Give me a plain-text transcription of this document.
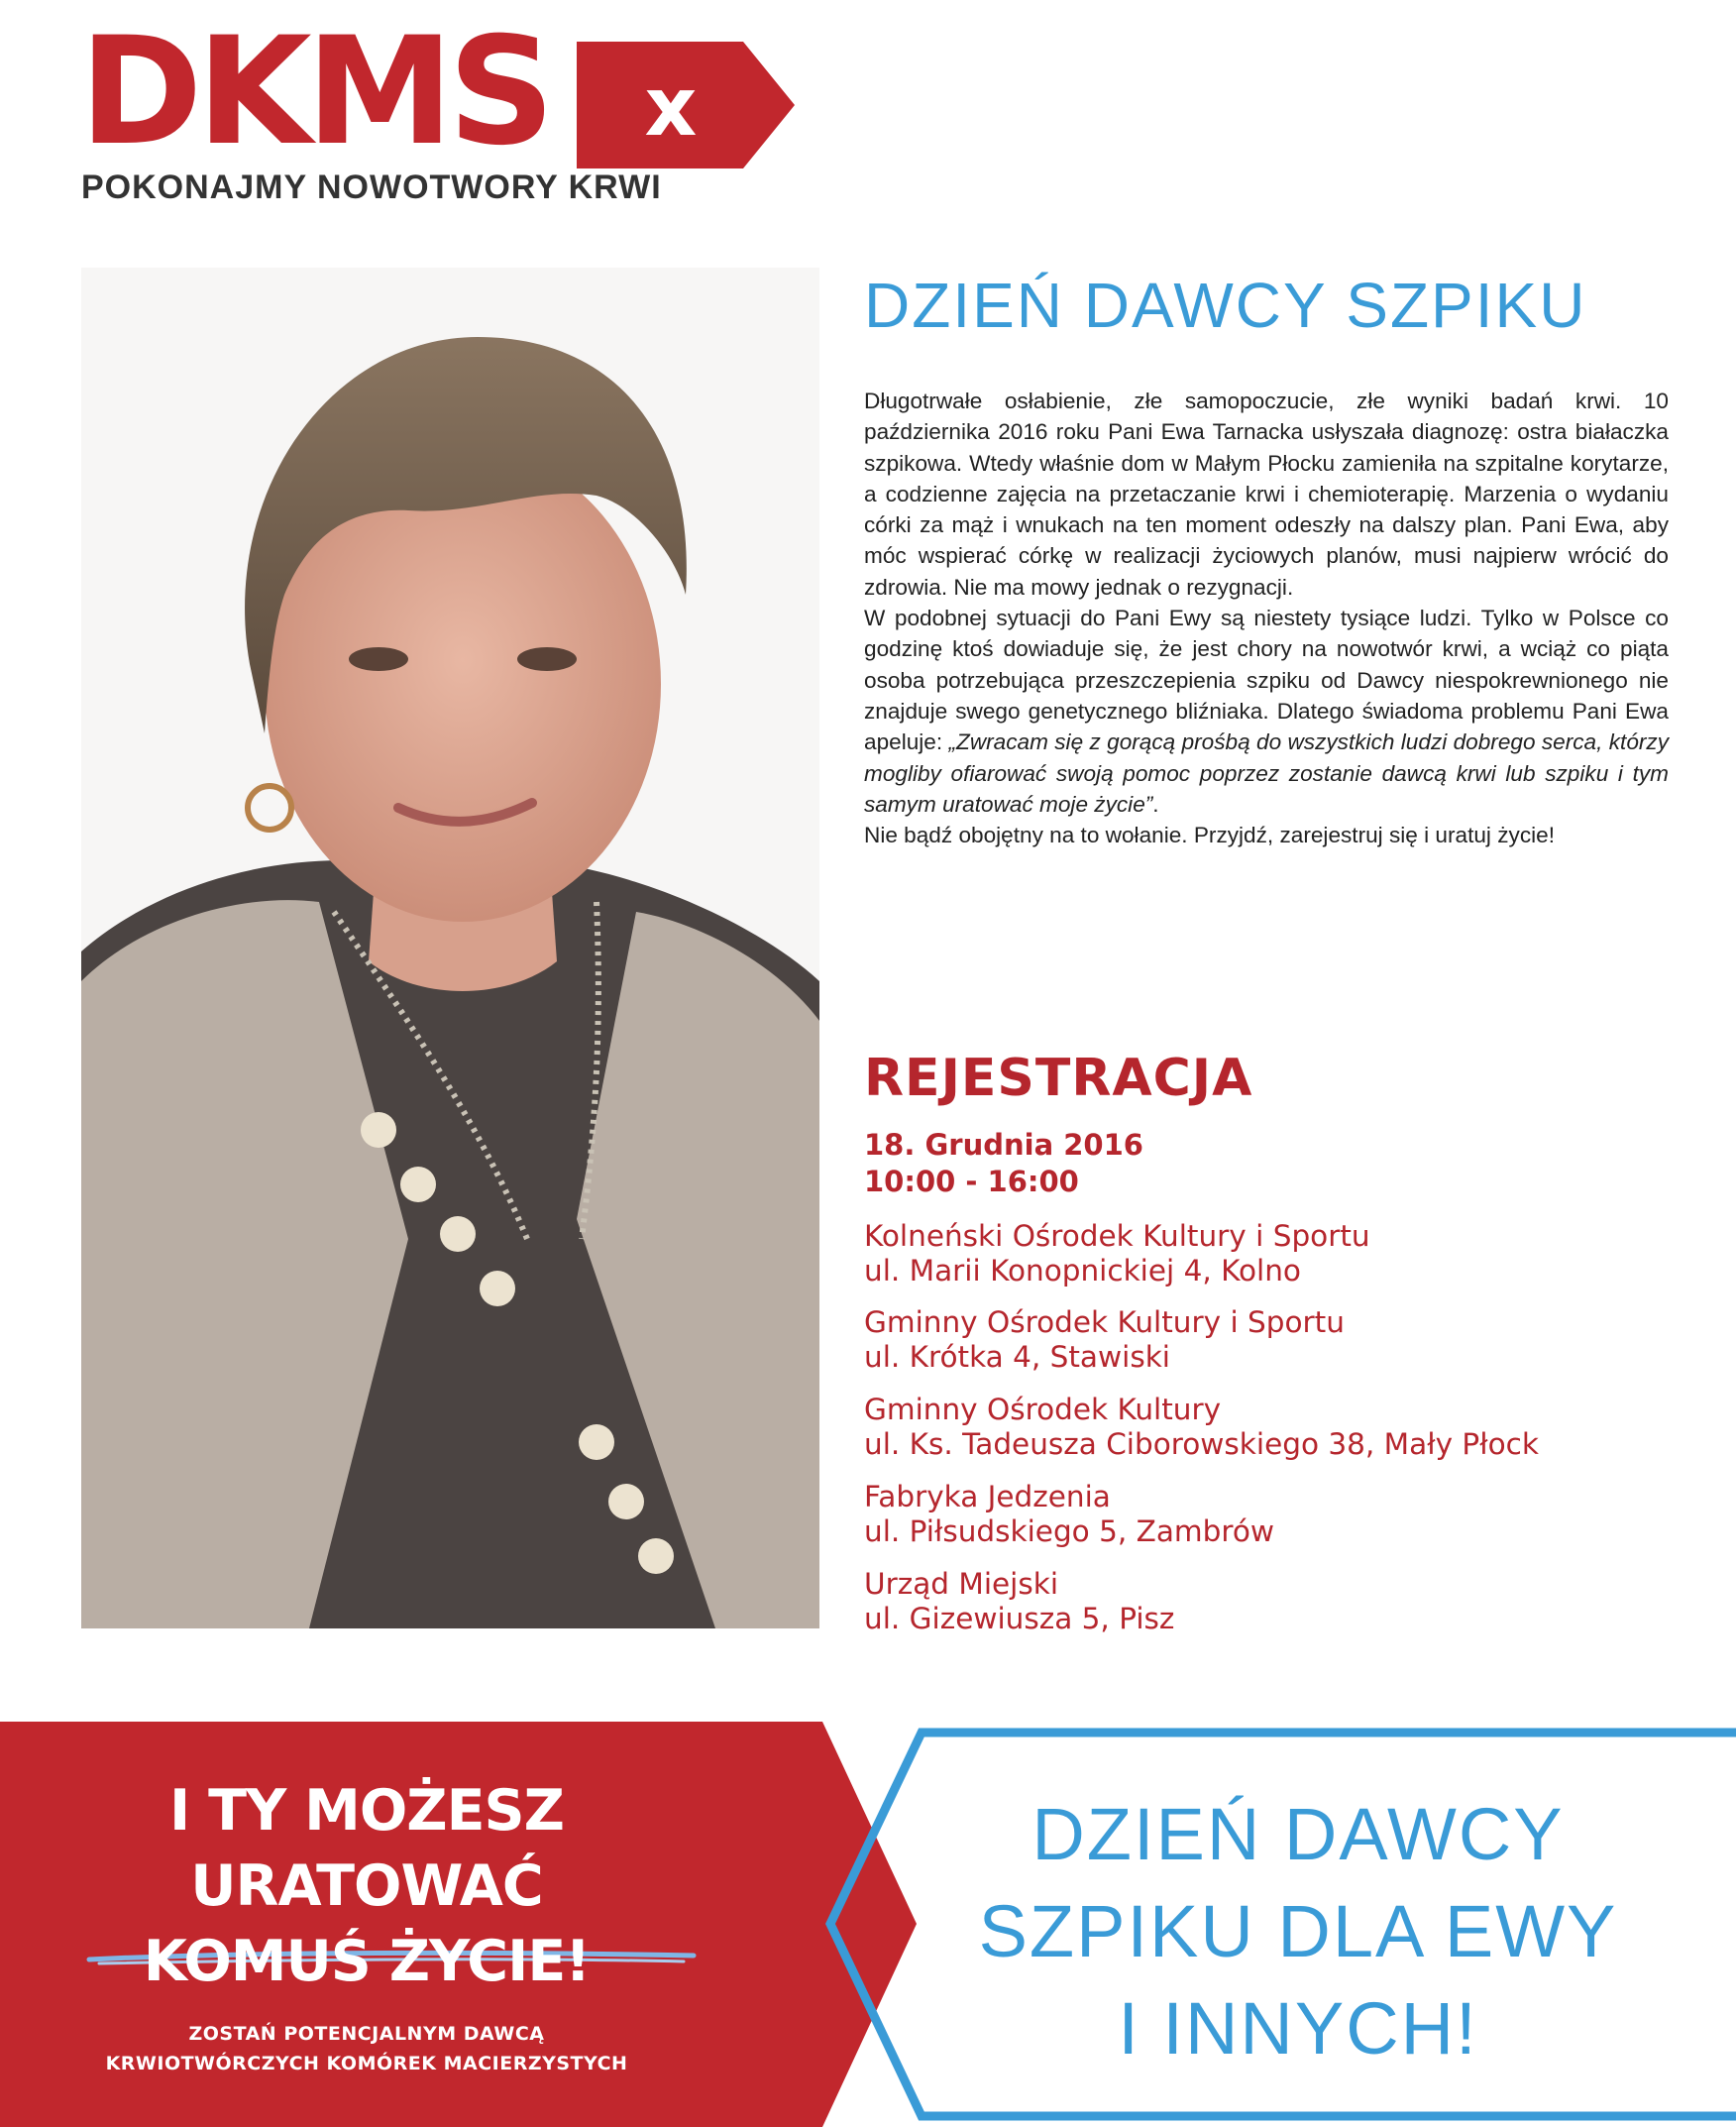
DKMS x
POKONAJMY NOWOTWORY KRWI
DZIEŃ DAWCY SZPIKU

Długotrwałe osłabienie, złe samopoczucie, złe wyniki badań krwi. 10 października 2016 roku Pani Ewa Tarnacka usłyszała diagnozę: ostra białaczka szpikowa. Wtedy właśnie dom w Małym Płocku zamieniła na szpitalne korytarze, a codzienne zajęcia na przetaczanie krwi i chemioterapię. Marzenia o wydaniu córki za mąż i wnukach na ten moment odeszły na dalszy plan. Pani Ewa, aby móc wspierać córkę w realizacji życiowych planów, musi najpierw wrócić do zdrowia. Nie ma mowy jednak o rezygnacji.

W podobnej sytuacji do Pani Ewy są niestety tysiące ludzi. Tylko w Polsce co godzinę ktoś dowiaduje się, że jest chory na nowotwór krwi, a wciąż co piąta osoba potrzebująca przeszczepienia szpiku od Dawcy niespokrewnionego nie znajduje swego genetycznego bliźniaka. Dlatego świadoma problemu Pani Ewa apeluje: „Zwracam się z gorącą prośbą do wszystkich ludzi dobrego serca, którzy mogliby ofiarować swoją pomoc poprzez zostanie dawcą krwi lub szpiku i tym samym uratować moje życie”.

Nie bądź obojętny na to wołanie. Przyjdź, zarejestruj się i uratuj życie!

REJESTRACJA
18. Grudnia 2016
10:00 - 16:00
Kolneński Ośrodek Kultury i Sportu
ul. Marii Konopnickiej 4, Kolno
Gminny Ośrodek Kultury i Sportu
ul. Krótka 4, Stawiski
Gminny Ośrodek Kultury
ul. Ks. Tadeusza Ciborowskiego 38, Mały Płock
Fabryka Jedzenia
ul. Piłsudskiego 5, Zambrów
Urząd Miejski
ul. Gizewiusza 5, Pisz
I TY MOŻESZ
URATOWAĆ
KOMUŚ ŻYCIE!
ZOSTAŃ POTENCJALNYM DAWCĄ
KRWIOTWÓRCZYCH KOMÓREK MACIERZYSTYCH
DZIEŃ DAWCY
SZPIKU DLA EWY
I INNYCH!
